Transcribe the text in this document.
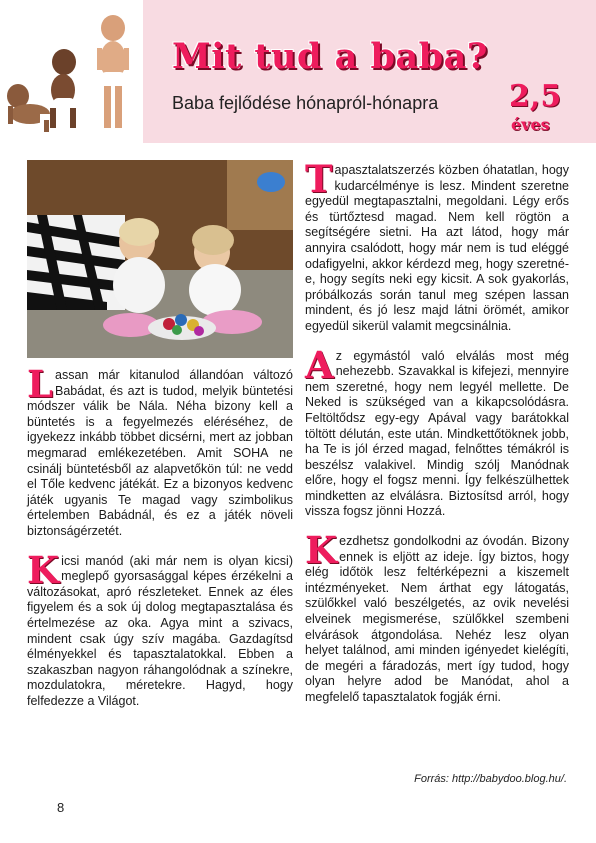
Mit tud a baba?
Baba fejlődése hónapról-hónapra 2,5
éves

Lassan már kitanulod állandóan változó Babádat, és azt is tudod, melyik büntetési módszer válik be Nála. Néha bizony kell a büntetés is a fegyelmezés eléréséhez, de igyekezz inkább többet dicsérni, mert az jobban megmarad emlékezetében. Amit SOHA ne csinálj büntetésből az alapvetőkön túl: ne vedd el Tőle kedvenc játékát. Ez a bizonyos kedvenc játék ugyanis Te magad vagy szimbolikus értelemben Babádnál, és ez a játék növeli biztonságérzetét.

Kicsi manód (aki már nem is olyan kicsi) meglepő gyorsasággal képes érzékelni a változásokat, apró részleteket. Ennek az éles figyelem és a sok új dolog megtapasztalása és értelmezése az oka. Agya mint a szivacs, mindent csak úgy szív magába. Gazdagítsd élményekkel és tapasztalatokkal. Ebben a szakaszban nagyon ráhangolódnak a színekre, mozdulatokra, méretekre. Hagyd, hogy felfedezze a Világot.

Tapasztalatszerzés közben óhatatlan, hogy kudarcélménye is lesz. Mindent szeretne egyedül megtapasztalni, megoldani. Légy erős és türtőztesd magad. Nem kell rögtön a segítségére sietni. Ha azt látod, hogy már annyira csalódott, hogy már nem is tud eléggé odafigyelni, akkor kérdezd meg, hogy szeretné-e, hogy segíts neki egy kicsit. A sok gyakorlás, próbálkozás során tanul meg szépen lassan mindent, és jó lesz majd látni örömét, amikor egyedül sikerül valamit megcsinálnia.

Az egymástól való elválás most még nehezebb. Szavakkal is kifejezi, mennyire nem szeretné, hogy nem legyél mellette. De Neked is szükséged van a kikapcsolódásra. Feltöltődsz egy-egy Apával vagy barátokkal töltött délután, este után. Mindkettőtöknek jobb, ha Te is jól érzed magad, felnőttes témákról is beszélsz valakivel. Mindig szólj Manódnak előre, hogy el fogsz menni. Így felkészülhettek mindketten az elválásra. Biztosítsd arról, hogy vissza fogsz jönni Hozzá.

Kezdhetsz gondolkodni az óvodán. Bizony ennek is eljött az ideje. Így biztos, hogy elég időtök lesz feltérképezni a kiszemelt intézményeket. Nem árthat egy látogatás, szülőkkel való beszélgetés, az ovik nevelési elveinek megismerése, szülőkkel szembeni elvárások átgondolása. Nehéz lesz olyan helyet találnod, ami minden igényedet kielégíti, de megéri a fáradozás, mert így tudod, hogy olyan helyre adod be Manódat, ahol a megfelelő tapasztalatok fogják érni.

Forrás: http://babydoo.blog.hu/.
8
